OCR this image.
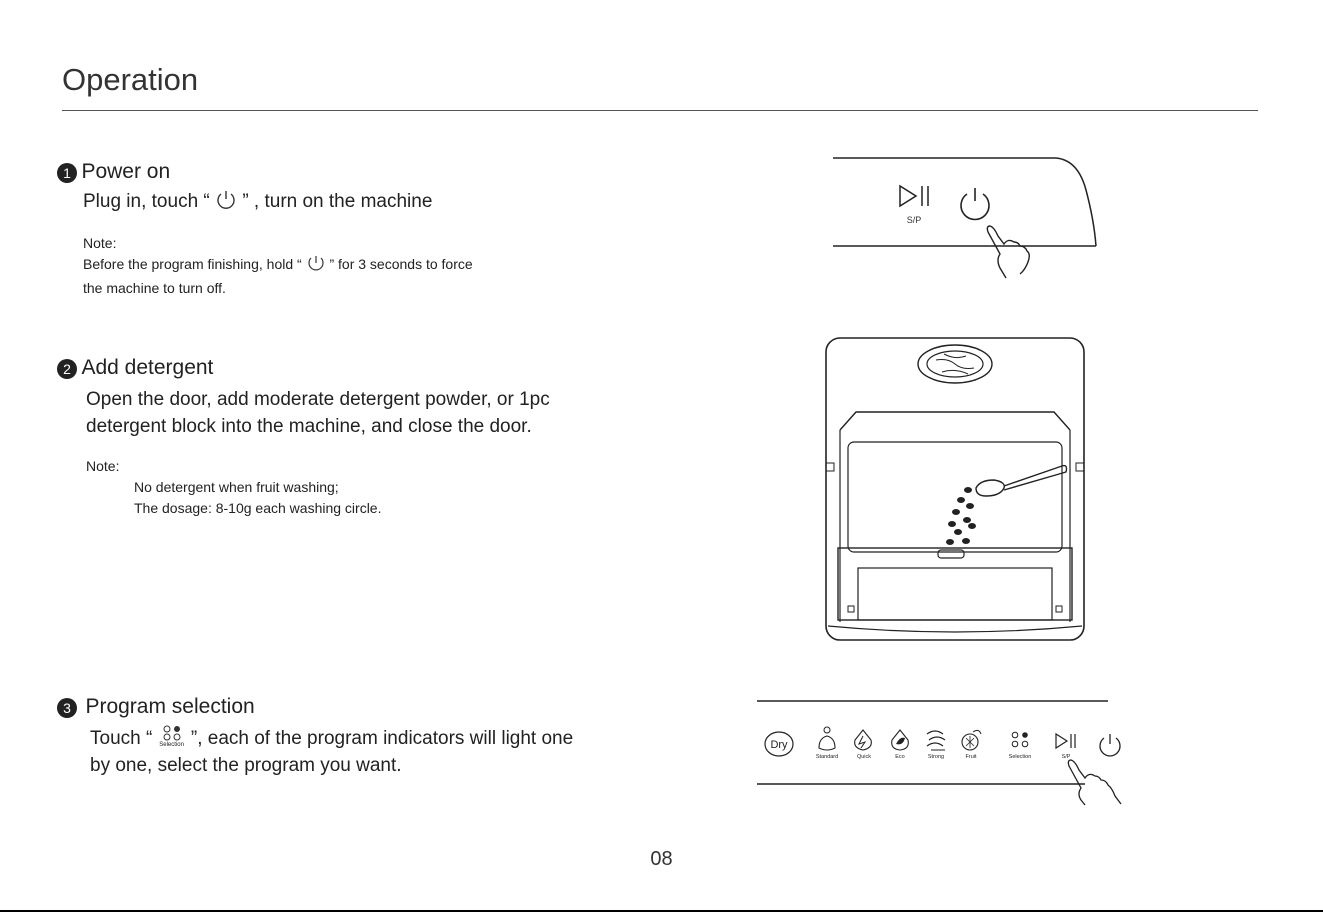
Operation
1 Power on
Plug in, touch “ ” , turn on the machine
Note:
Before the program finishing, hold “ ” for 3 seconds to force
the machine to turn off.
S/P
2 Add detergent
Open the door, add moderate detergent powder, or 1pc
detergent block into the machine, and close the door.
Note:
No detergent when fruit washing;
The dosage: 8-10g each washing circle.
3 Program selection
Touch “	Selection ”, each of the program indicators will light one
by one, select the program you want.
Dry
Standard	Quick	Eco	Strong	Fruit	Selection	S/P
08
